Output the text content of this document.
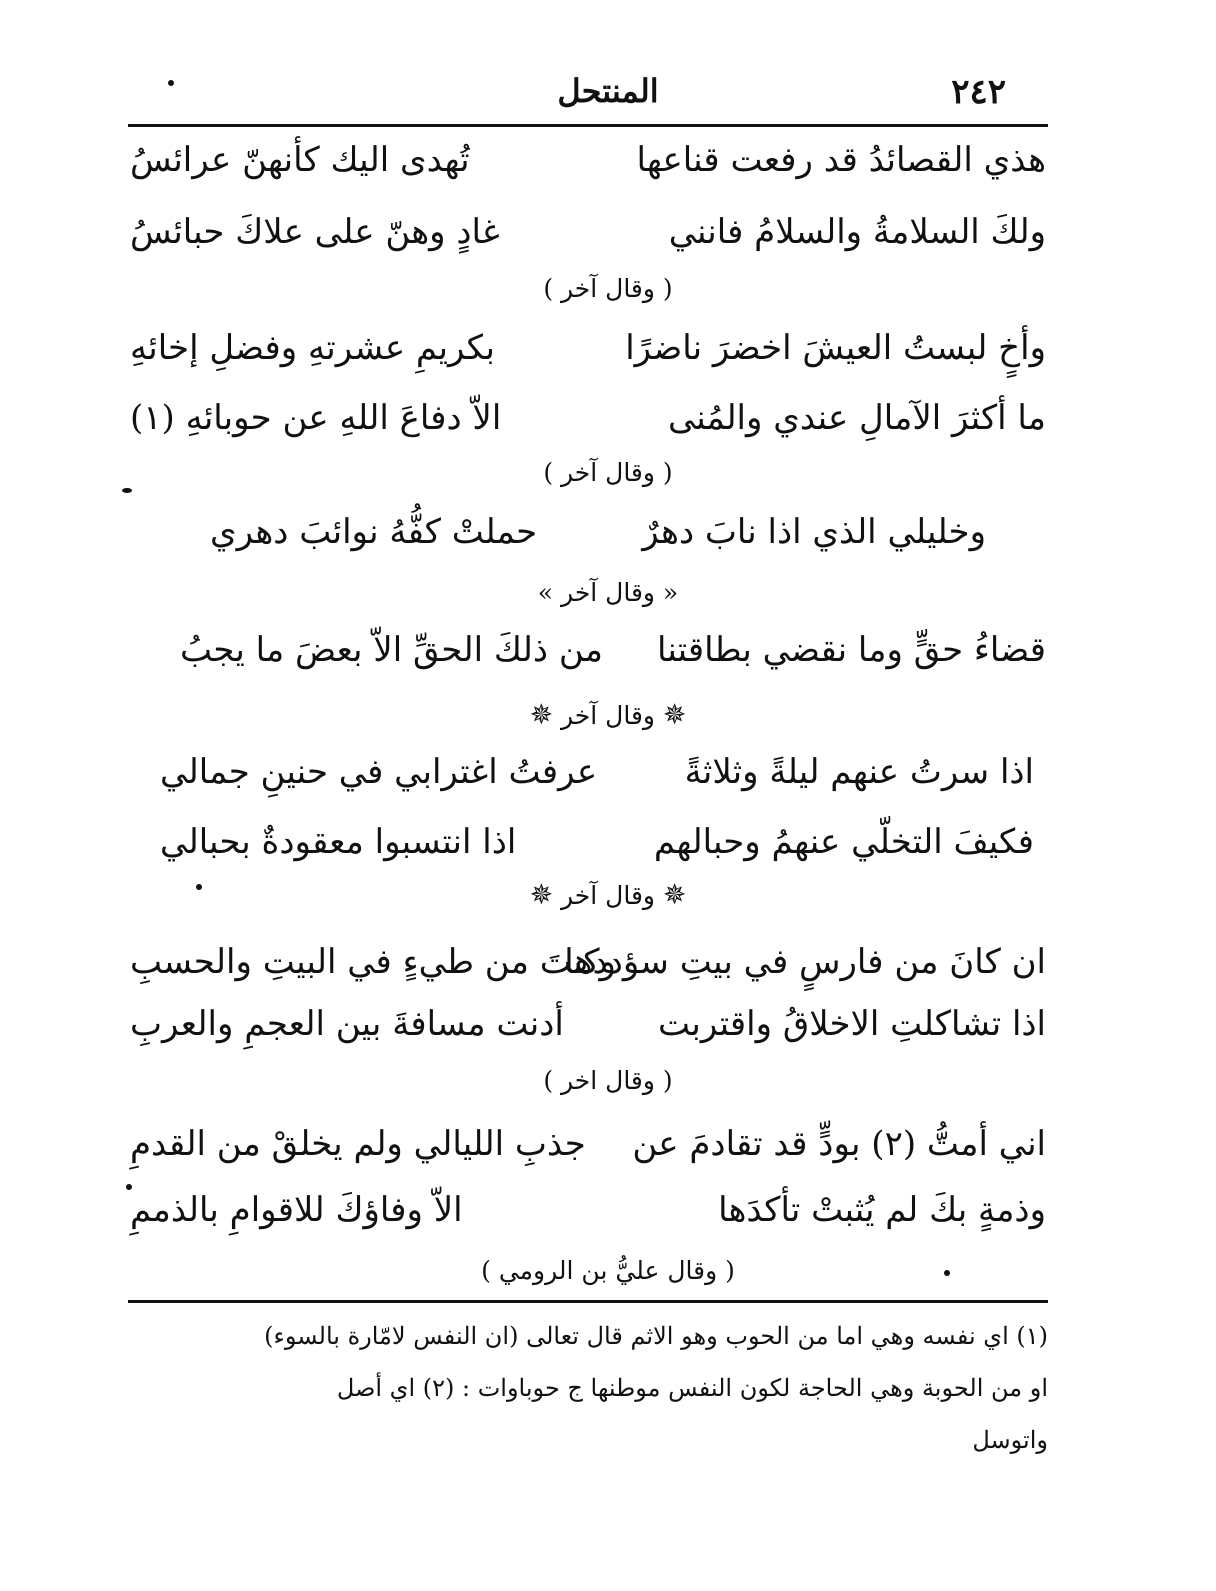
٢٤٢
المنتحل
هذي القصائدُ قد رفعت قناعها
تُهدى اليك كأنهنّ عرائسُ
ولكَ السلامةُ والسلامُ فانني
غادٍ وهنّ على علاكَ حبائسُ
( وقال آخر )
وأخٍ لبستُ العيشَ اخضرَ ناضرًا
بكريمِ عشرتهِ وفضلِ إخائهِ
ما أكثرَ الآمالِ عندي والمُنى
الاّ دفاعَ اللهِ عن حوبائهِ (١)
( وقال آخر )
وخليلي الذي اذا نابَ دهرٌ
حملتْ كفُّهُ نوائبَ دهري
« وقال آخر »
قضاءُ حقٍّ وما نقضي بطاقتنا
من ذلكَ الحقِّ الاّ بعضَ ما يجبُ
✵ وقال آخر ✵
اذا سرتُ عنهم ليلةً وثلاثةً
عرفتُ اغترابي في حنينِ جمالي
فكيفَ التخلّي عنهمُ وحبالهم
اذا انتسبوا معقودةٌ بحبالي
✵ وقال آخر ✵
ان كانَ من فارسٍ في بيتِ سؤددها
وكنتَ من طيءٍ في البيتِ والحسبِ
اذا تشاكلتِ الاخلاقُ واقتربت
أدنت مسافةَ بين العجمِ والعربِ
( وقال اخر )
اني أمتُّ (٢) بودٍّ قد تقادمَ عن
جذبِ الليالي ولم يخلقْ من القدمِ
وذمةٍ بكَ لم يُثبتْ تأكدَها
الاّ وفاؤكَ للاقوامِ بالذممِ
( وقال عليُّ بن الرومي )
(١) اي نفسه وهي اما من الحوب وهو الاثم قال تعالى (ان النفس لامّارة بالسوء)
او من الحوبة وهي الحاجة لكون النفس موطنها ج حوباوات : (٢) اي أصل
واتوسل
